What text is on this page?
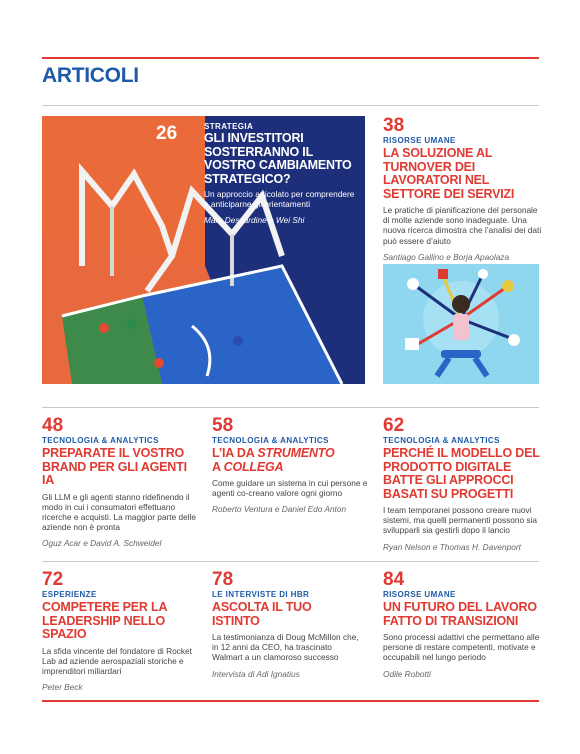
ARTICOLI
26	STRATEGIA
GLI INVESTITORI SOSTERRANNO IL VOSTRO CAMBIAMENTO STRATEGICO?
Un approccio articolato per comprendere e anticiparne gli orientamenti
Mark DesJardine e Wei Shi
38
RISORSE UMANE
LA SOLUZIONE AL TURNOVER DEI LAVORATORI NEL SETTORE DEI SERVIZI
Le pratiche di pianificazione del personale di molte aziende sono inadeguate. Una nuova ricerca dimostra che l’analisi dei dati può essere d’aiuto
Santiago Gallino e Borja Apaolaza
48
TECNOLOGIA & ANALYTICS
PREPARATE IL VOSTRO BRAND PER GLI AGENTI IA
Gli LLM e gli agenti stanno ridefinendo il modo in cui i consumatori effettuano ricerche e acquisti. La maggior parte delle aziende non è pronta
Oguz Acar e David A. Schweidel
58
TECNOLOGIA & ANALYTICS
L’IA DA STRUMENTO
A COLLEGA
Come guidare un sistema in cui persone e agenti co-creano valore ogni giorno
Roberto Ventura e Daniel Edo Anton
62
TECNOLOGIA & ANALYTICS
PERCHÉ IL MODELLO DEL PRODOTTO DIGITALE BATTE GLI APPROCCI BASATI SU PROGETTI
I team temporanei possono creare nuovi sistemi, ma quelli permanenti possono sia svilupparli sia gestirli dopo il lancio
Ryan Nelson e Thomas H. Davenport
72
ESPERIENZE
COMPETERE PER LA LEADERSHIP NELLO SPAZIO
La sfida vincente del fondatore di Rocket Lab ad aziende aerospaziali storiche e imprenditori miliardari
Peter Beck
78
LE INTERVISTE DI HBR
ASCOLTA IL TUO ISTINTO
La testimonianza di Doug McMillon che, in 12 anni da CEO, ha trascinato Walmart a un clamoroso successo
Intervista di Adi Ignatius
84
RISORSE UMANE
UN FUTURO DEL LAVORO FATTO DI TRANSIZIONI
Sono processi adattivi che permettano alle persone di restare competenti, motivate e occupabili nel lungo periodo
Odile Robotti
